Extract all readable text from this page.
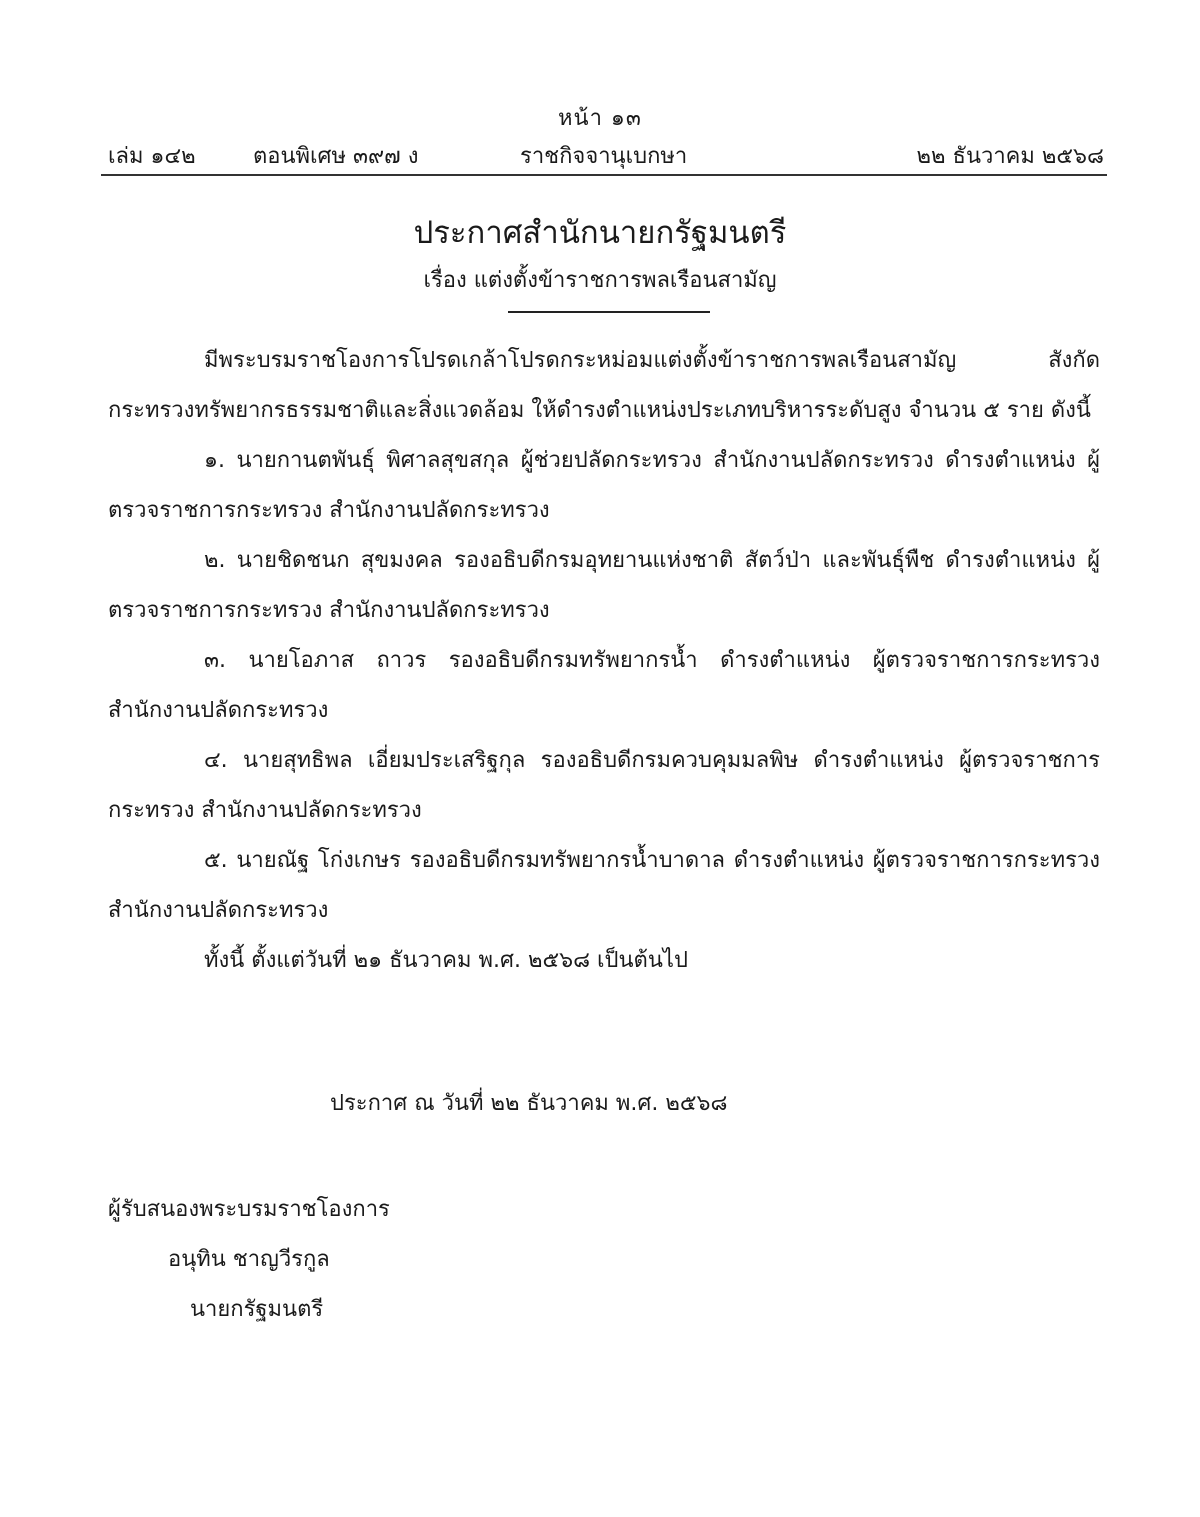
หน้า ๑๓
เล่ม ๑๔๒	ตอนพิเศษ ๓๙๗ ง	ราชกิจจานุเบกษา	๒๒ ธันวาคม ๒๕๖๘
ประกาศสำนักนายกรัฐมนตรี
เรื่อง แต่งตั้งข้าราชการพลเรือนสามัญ

มีพระบรมราชโองการโปรดเกล้าโปรดกระหม่อมแต่งตั้งข้าราชการพลเรือนสามัญ สังกัดกระทรวงทรัพยากรธรรมชาติและสิ่งแวดล้อม ให้ดำรงตำแหน่งประเภทบริหารระดับสูง จำนวน ๕ ราย ดังนี้

๑. นายกานตพันธุ์ พิศาลสุขสกุล ผู้ช่วยปลัดกระทรวง สำนักงานปลัดกระทรวง ดำรงตำแหน่ง ผู้ตรวจราชการกระทรวง สำนักงานปลัดกระทรวง

๒. นายชิดชนก สุขมงคล รองอธิบดีกรมอุทยานแห่งชาติ สัตว์ป่า และพันธุ์พืช ดำรงตำแหน่ง ผู้ตรวจราชการกระทรวง สำนักงานปลัดกระทรวง

๓. นายโอภาส ถาวร รองอธิบดีกรมทรัพยากรน้ำ ดำรงตำแหน่ง ผู้ตรวจราชการกระทรวง สำนักงานปลัดกระทรวง

๔. นายสุทธิพล เอี่ยมประเสริฐกุล รองอธิบดีกรมควบคุมมลพิษ ดำรงตำแหน่ง ผู้ตรวจราชการกระทรวง สำนักงานปลัดกระทรวง

๕. นายณัฐ โก่งเกษร รองอธิบดีกรมทรัพยากรน้ำบาดาล ดำรงตำแหน่ง ผู้ตรวจราชการกระทรวง สำนักงานปลัดกระทรวง

ทั้งนี้ ตั้งแต่วันที่ ๒๑ ธันวาคม พ.ศ. ๒๕๖๘ เป็นต้นไป

ประกาศ ณ วันที่ ๒๒ ธันวาคม พ.ศ. ๒๕๖๘
ผู้รับสนองพระบรมราชโองการ
อนุทิน ชาญวีรกูล
นายกรัฐมนตรี
